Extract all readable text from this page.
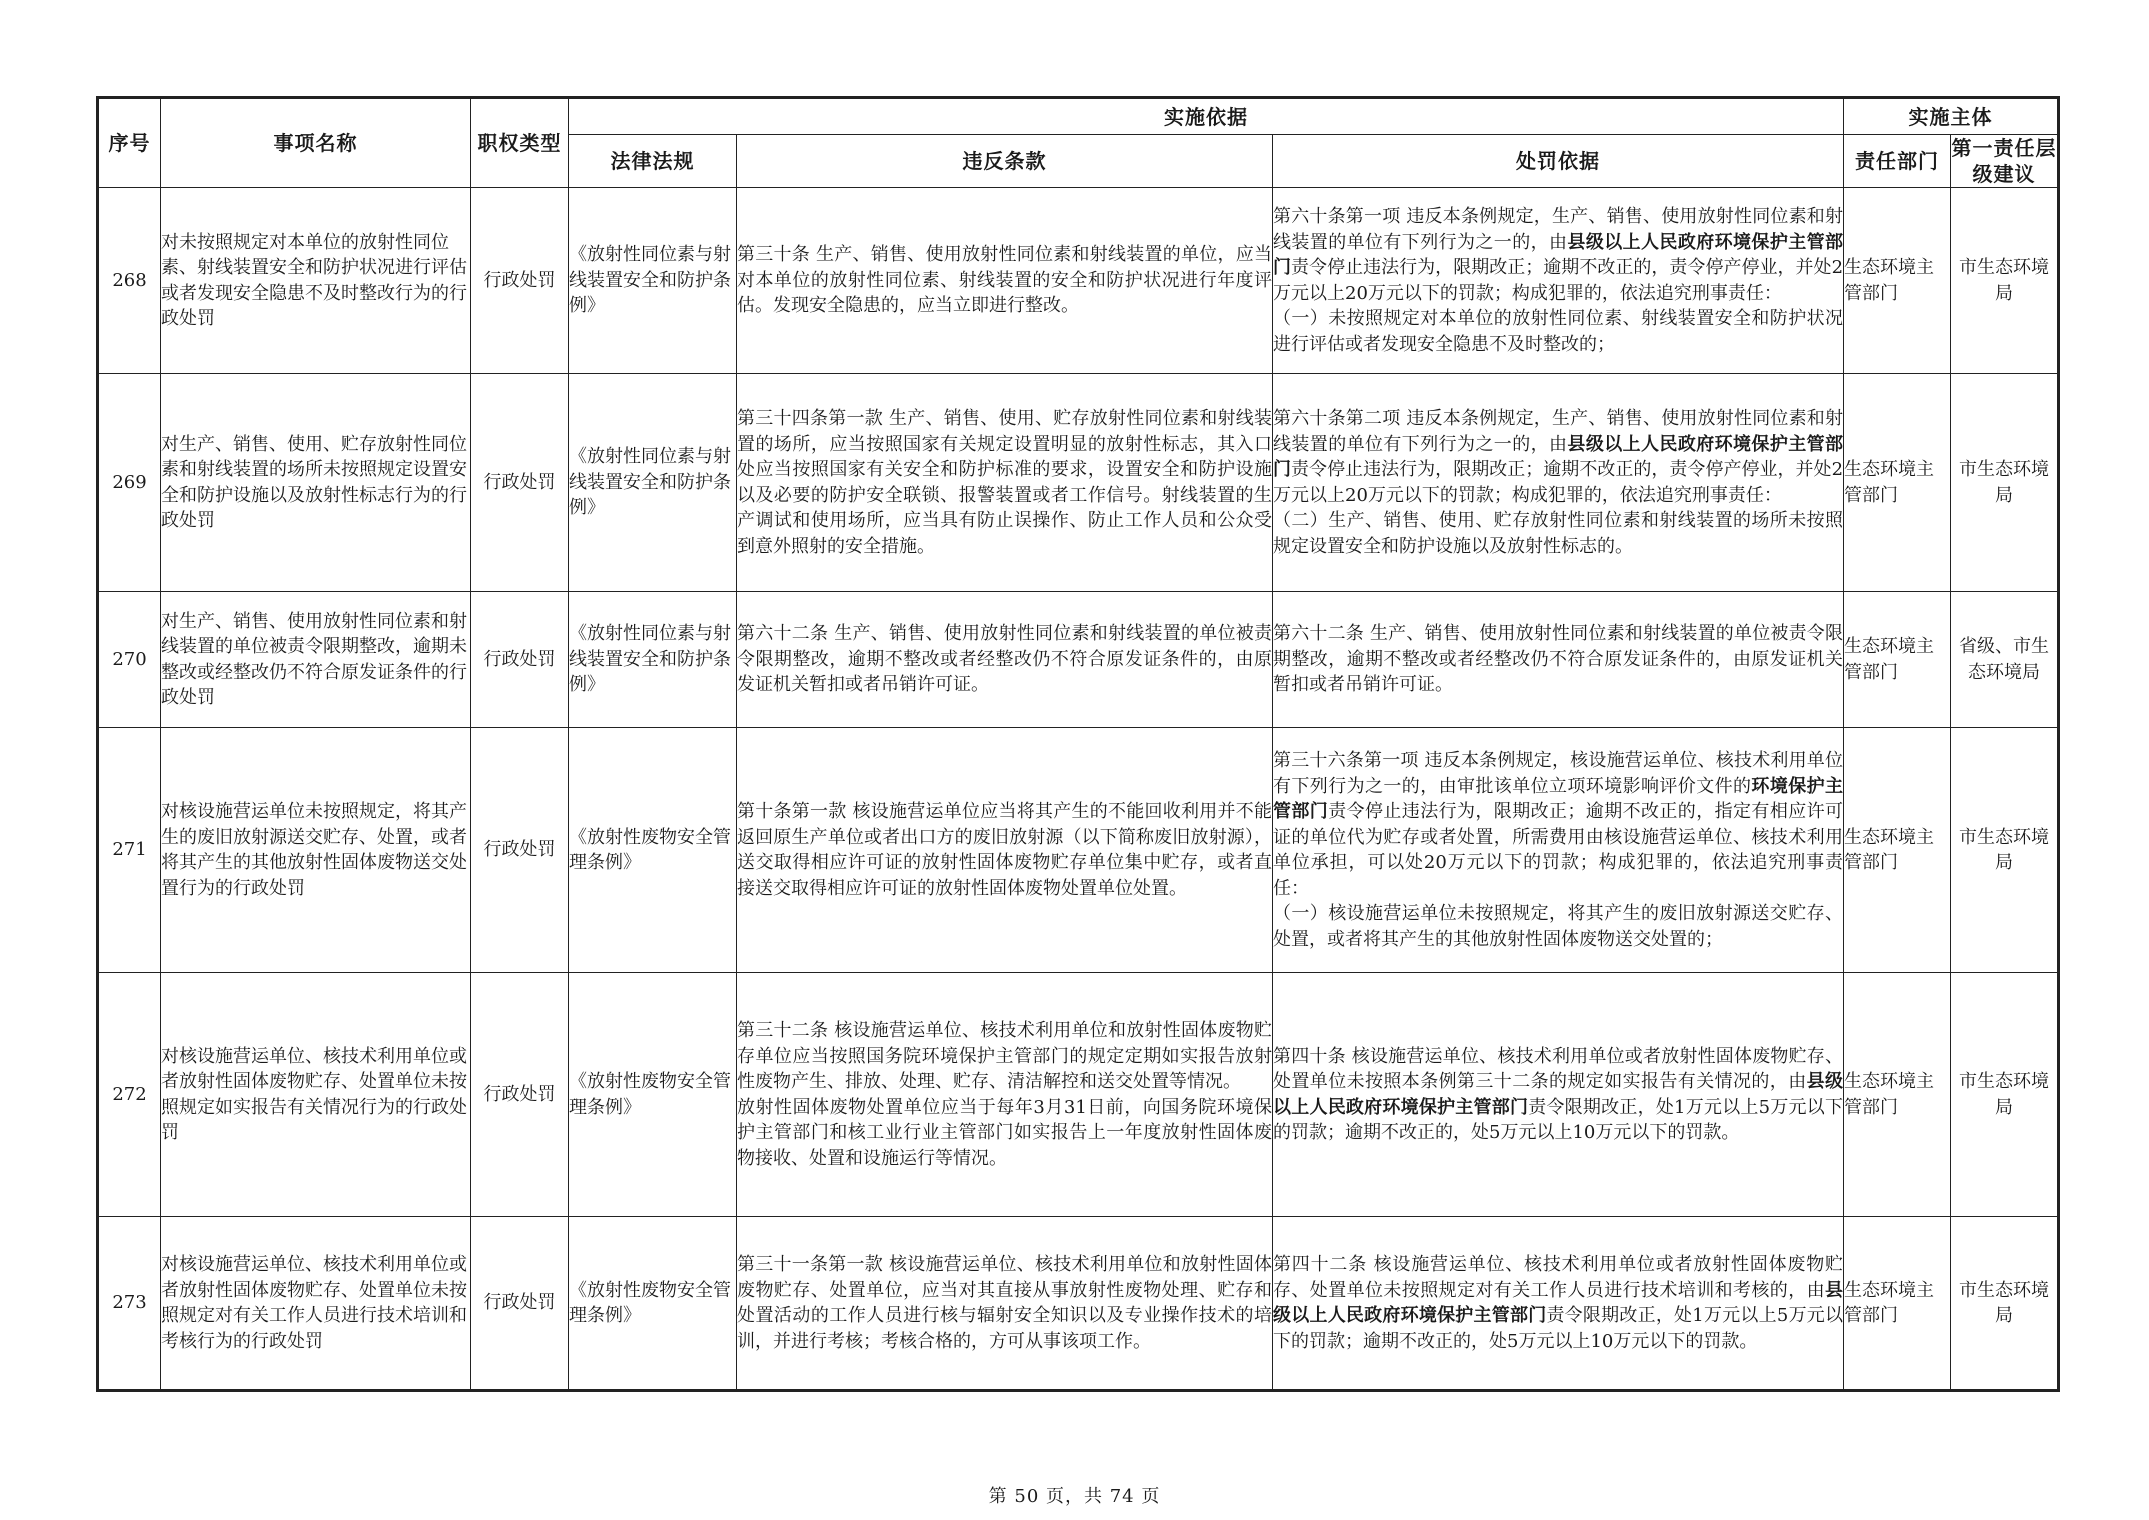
序号	事项名称	职权类型	实施依据			实施主体	
			法律法规	违反条款	处罚依据	责任部门	第一责任层级建议
268	对未按照规定对本单位的放射性同位素、射线装置安全和防护状况进行评估或者发现安全隐患不及时整改行为的行政处罚	行政处罚	《放射性同位素与射线装置安全和防护条例》	第三十条 生产、销售、使用放射性同位素和射线装置的单位，应当对本单位的放射性同位素、射线装置的安全和防护状况进行年度评估。发现安全隐患的，应当立即进行整改。	第六十条第一项 违反本条例规定，生产、销售、使用放射性同位素和射线装置的单位有下列行为之一的，由县级以上人民政府环境保护主管部门责令停止违法行为，限期改正；逾期不改正的，责令停产停业，并处2万元以上20万元以下的罚款；构成犯罪的，依法追究刑事责任：
（一）未按照规定对本单位的放射性同位素、射线装置安全和防护状况进行评估或者发现安全隐患不及时整改的；	生态环境主管部门	市生态环境局
269	对生产、销售、使用、贮存放射性同位素和射线装置的场所未按照规定设置安全和防护设施以及放射性标志行为的行政处罚	行政处罚	《放射性同位素与射线装置安全和防护条例》	第三十四条第一款 生产、销售、使用、贮存放射性同位素和射线装置的场所，应当按照国家有关规定设置明显的放射性标志，其入口处应当按照国家有关安全和防护标准的要求，设置安全和防护设施以及必要的防护安全联锁、报警装置或者工作信号。射线装置的生产调试和使用场所，应当具有防止误操作、防止工作人员和公众受到意外照射的安全措施。	第六十条第二项 违反本条例规定，生产、销售、使用放射性同位素和射线装置的单位有下列行为之一的，由县级以上人民政府环境保护主管部门责令停止违法行为，限期改正；逾期不改正的，责令停产停业，并处2万元以上20万元以下的罚款；构成犯罪的，依法追究刑事责任：
（二）生产、销售、使用、贮存放射性同位素和射线装置的场所未按照规定设置安全和防护设施以及放射性标志的。	生态环境主管部门	市生态环境局
270	对生产、销售、使用放射性同位素和射线装置的单位被责令限期整改，逾期未整改或经整改仍不符合原发证条件的行政处罚	行政处罚	《放射性同位素与射线装置安全和防护条例》	第六十二条 生产、销售、使用放射性同位素和射线装置的单位被责令限期整改，逾期不整改或者经整改仍不符合原发证条件的，由原发证机关暂扣或者吊销许可证。	第六十二条 生产、销售、使用放射性同位素和射线装置的单位被责令限期整改，逾期不整改或者经整改仍不符合原发证条件的，由原发证机关暂扣或者吊销许可证。	生态环境主管部门	省级、市生态环境局
271	对核设施营运单位未按照规定，将其产生的废旧放射源送交贮存、处置，或者将其产生的其他放射性固体废物送交处置行为的行政处罚	行政处罚	《放射性废物安全管理条例》	第十条第一款 核设施营运单位应当将其产生的不能回收利用并不能返回原生产单位或者出口方的废旧放射源（以下简称废旧放射源），送交取得相应许可证的放射性固体废物贮存单位集中贮存，或者直接送交取得相应许可证的放射性固体废物处置单位处置。	第三十六条第一项 违反本条例规定，核设施营运单位、核技术利用单位有下列行为之一的，由审批该单位立项环境影响评价文件的环境保护主管部门责令停止违法行为，限期改正；逾期不改正的，指定有相应许可证的单位代为贮存或者处置，所需费用由核设施营运单位、核技术利用单位承担，可以处20万元以下的罚款；构成犯罪的，依法追究刑事责任：
（一）核设施营运单位未按照规定，将其产生的废旧放射源送交贮存、处置，或者将其产生的其他放射性固体废物送交处置的；	生态环境主管部门	市生态环境局
272	对核设施营运单位、核技术利用单位或者放射性固体废物贮存、处置单位未按照规定如实报告有关情况行为的行政处罚	行政处罚	《放射性废物安全管理条例》	第三十二条 核设施营运单位、核技术利用单位和放射性固体废物贮存单位应当按照国务院环境保护主管部门的规定定期如实报告放射性废物产生、排放、处理、贮存、清洁解控和送交处置等情况。
放射性固体废物处置单位应当于每年3月31日前，向国务院环境保护主管部门和核工业行业主管部门如实报告上一年度放射性固体废物接收、处置和设施运行等情况。	第四十条 核设施营运单位、核技术利用单位或者放射性固体废物贮存、处置单位未按照本条例第三十二条的规定如实报告有关情况的，由县级以上人民政府环境保护主管部门责令限期改正，处1万元以上5万元以下的罚款；逾期不改正的，处5万元以上10万元以下的罚款。	生态环境主管部门	市生态环境局
273	对核设施营运单位、核技术利用单位或者放射性固体废物贮存、处置单位未按照规定对有关工作人员进行技术培训和考核行为的行政处罚	行政处罚	《放射性废物安全管理条例》	第三十一条第一款 核设施营运单位、核技术利用单位和放射性固体废物贮存、处置单位，应当对其直接从事放射性废物处理、贮存和处置活动的工作人员进行核与辐射安全知识以及专业操作技术的培训，并进行考核；考核合格的，方可从事该项工作。	第四十二条 核设施营运单位、核技术利用单位或者放射性固体废物贮存、处置单位未按照规定对有关工作人员进行技术培训和考核的，由县级以上人民政府环境保护主管部门责令限期改正，处1万元以上5万元以下的罚款；逾期不改正的，处5万元以上10万元以下的罚款。	生态环境主管部门	市生态环境局
第 50 页，共 74 页
